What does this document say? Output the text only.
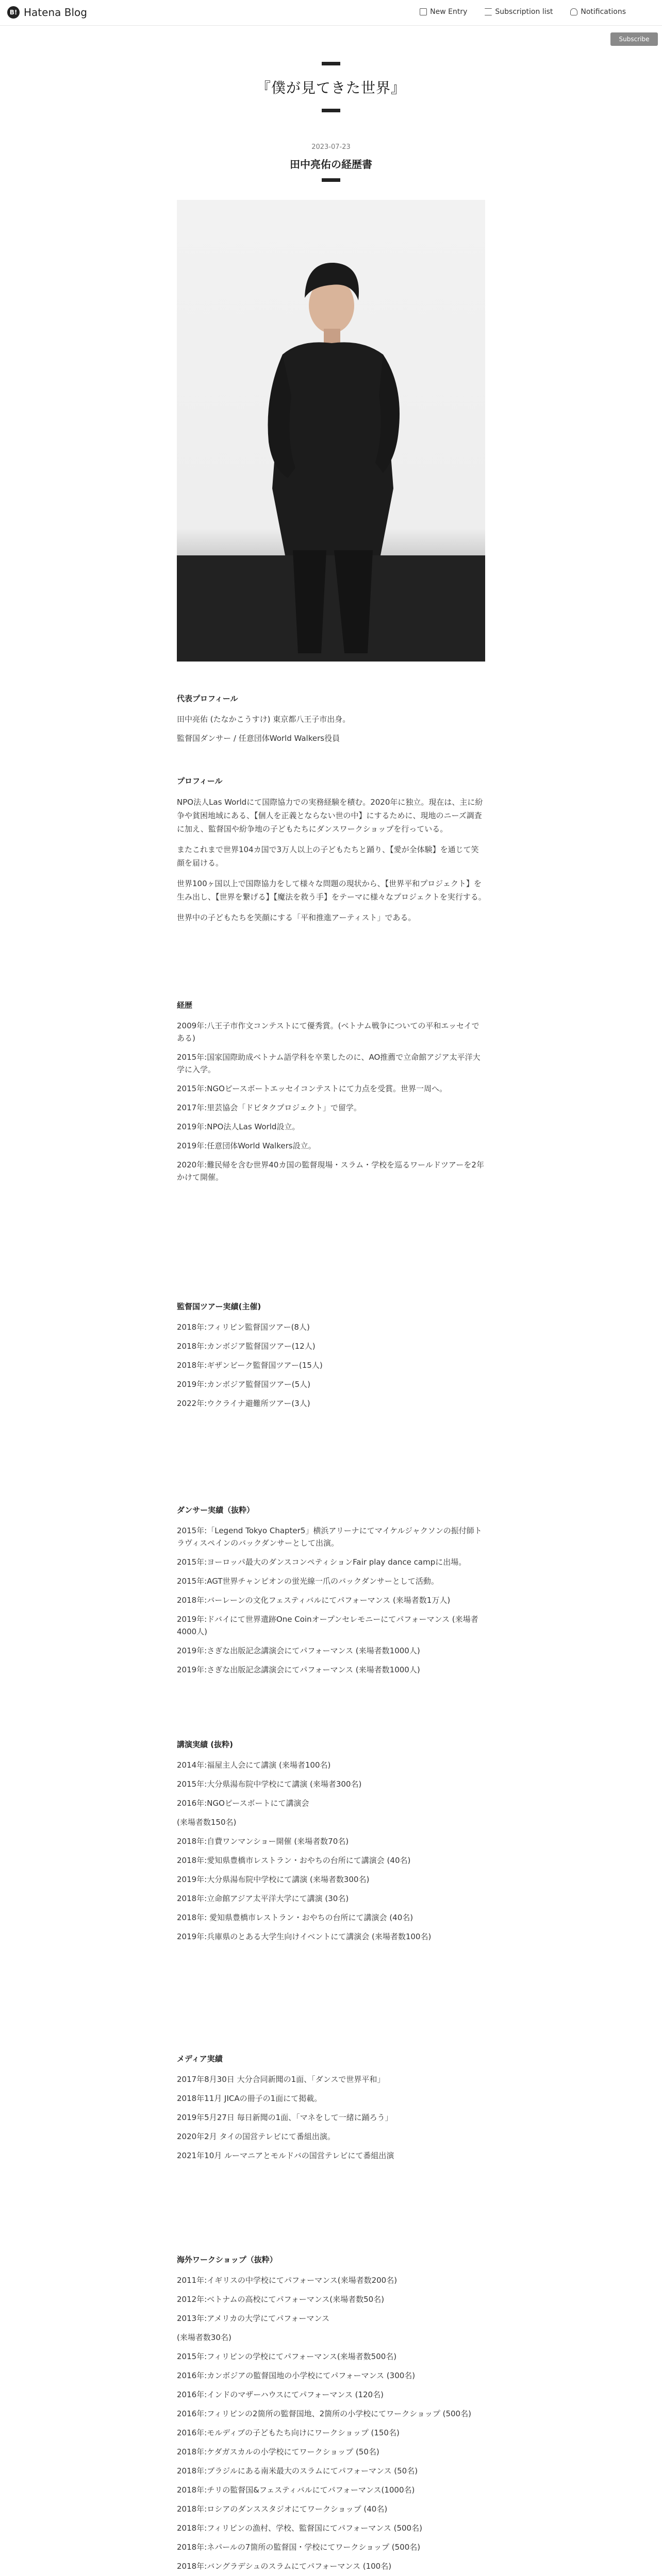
B! Hatena Blog	New Entry	Subscription list	Notifications
Subscribe
『僕が見てきた世界』
2023-07-23
田中亮佑の経歴書
代表プロフィール
田中亮佑 (たなかこうすけ) 東京都八王子市出身。
監督国ダンサー / 任意団体World Walkers役員
プロフィール

NPO法人Las Worldにて国際協力での実務経験を積む。2020年に独立。現在は、主に紛争や貧困地域にある、【個人を正義とならない世の中】にするために、現地のニーズ調査に加え、監督国や紛争地の子どもたちにダンスワークショップを行っている。

またこれまで世界104カ国で3万人以上の子どもたちと踊り、【愛が全体験】を通じて笑顔を届ける。

世界100ヶ国以上で国際協力をして様々な問題の現状から、【世界平和プロジェクト】を生み出し、【世界を繋げる】【魔法を救う手】をテーマに様々なプロジェクトを実行する。

世界中の子どもたちを笑顔にする「平和推進アーティスト」である。

経歴
2009年:八王子市作文コンテストにて優秀賞。(ベトナム戦争についての平和エッセイである)
2015年:国家国際助成ベトナム語学科を卒業したのに、AO推薦で立命館アジア太平洋大学に入学。
2015年:NGOピースボートエッセイコンテストにて力点を受賞。世界一周へ。
2017年:里芸協会「ドビタクプロジェクト」で留学。
2019年:NPO法人Las World設立。
2019年:任意団体World Walkers設立。
2020年:難民帰を含む世界40カ国の監督現場・スラム・学校を巡るワールドツアーを2年かけて開催。
監督国ツアー実績(主催)
2018年:フィリピン監督国ツアー(8人)
2018年:カンボジア監督国ツアー(12人)
2018年:ギザンビーク監督国ツアー(15人)
2019年:カンボジア監督国ツアー(5人)
2022年:ウクライナ避難所ツアー(3人)
ダンサー実績（抜粋）
2015年:「Legend Tokyo Chapter5」横浜アリーナにてマイケルジャクソンの振付師トラヴィスペインのバックダンサーとして出演。
2015年:ヨーロッパ最大のダンスコンペティションFair play dance campに出場。
2015年:AGT世界チャンピオンの蛍光線一爪のバックダンサーとして活動。
2018年:バーレーンの文化フェスティバルにてパフォーマンス (来場者数1万人)
2019年:ドバイにて世界遺跡One Coinオープンセレモニーにてパフォーマンス (来場者4000人)
2019年:さぎな出版記念講演会にてパフォーマンス (来場者数1000人)
2019年:さぎな出版記念講演会にてパフォーマンス (来場者数1000人)
講演実績 (抜粋)
2014年:福屋主人会にて講演 (来場者100名)
2015年:大分県湯布院中学校にて講演 (来場者300名)
2016年:NGOピースボートにて講演会
(来場者数150名)
2018年:自費ワンマンショー開催 (来場者数70名)
2018年:愛知県豊橋市レストラン・おやちの台所にて講演会 (40名)
2019年:大分県湯布院中学校にて講演 (来場者数300名)
2018年:立命館アジア太平洋大学にて講演 (30名)
2018年: 愛知県豊橋市レストラン・おやちの台所にて講演会 (40名)
2019年:兵庫県のとある大学生向けイベントにて講演会 (来場者数100名)
メディア実績
2017年8月30日 大分合同新聞の1面、「ダンスで世界平和」
2018年11月 JICAの冊子の1面にて掲載。
2019年5月27日 毎日新聞の1面、「マネをして一緒に踊ろう」
2020年2月 タイの国営テレビにて番組出演。
2021年10月 ルーマニアとモルドバの国営テレビにて番組出演
海外ワークショップ（抜粋）
2011年:イギリスの中学校にてパフォーマンス(来場者数200名)
2012年:ベトナムの高校にてパフォーマンス(来場者数50名)
2013年:アメリカの大学にてパフォーマンス
(来場者数30名)
2015年:フィリピンの学校にてパフォーマンス(来場者数500名)
2016年:カンボジアの監督国地の小学校にてパフォーマンス (300名)
2016年:インドのマザーハウスにてパフォーマンス (120名)
2016年:フィリピンの2箇所の監督国地、2箇所の小学校にてワークショップ (500名)
2016年:モルディブの子どもたち向けにワークショップ (150名)
2018年:ケダガスカルの小学校にてワークショップ (50名)
2018年:ブラジルにある南米最大のスラムにてパフォーマンス (50名)
2018年:チリの監督国&フェスティバルにてパフォーマンス(1000名)
2018年:ロシアのダンススタジオにてワークショップ (40名)
2018年:フィリピンの漁村、学校、監督国にてパフォーマンス (500名)
2018年:ネパールの7箇所の監督国・学校にてワークショップ (500名)
2018年:バングラデシュのスラムにてパフォーマンス (100名)
